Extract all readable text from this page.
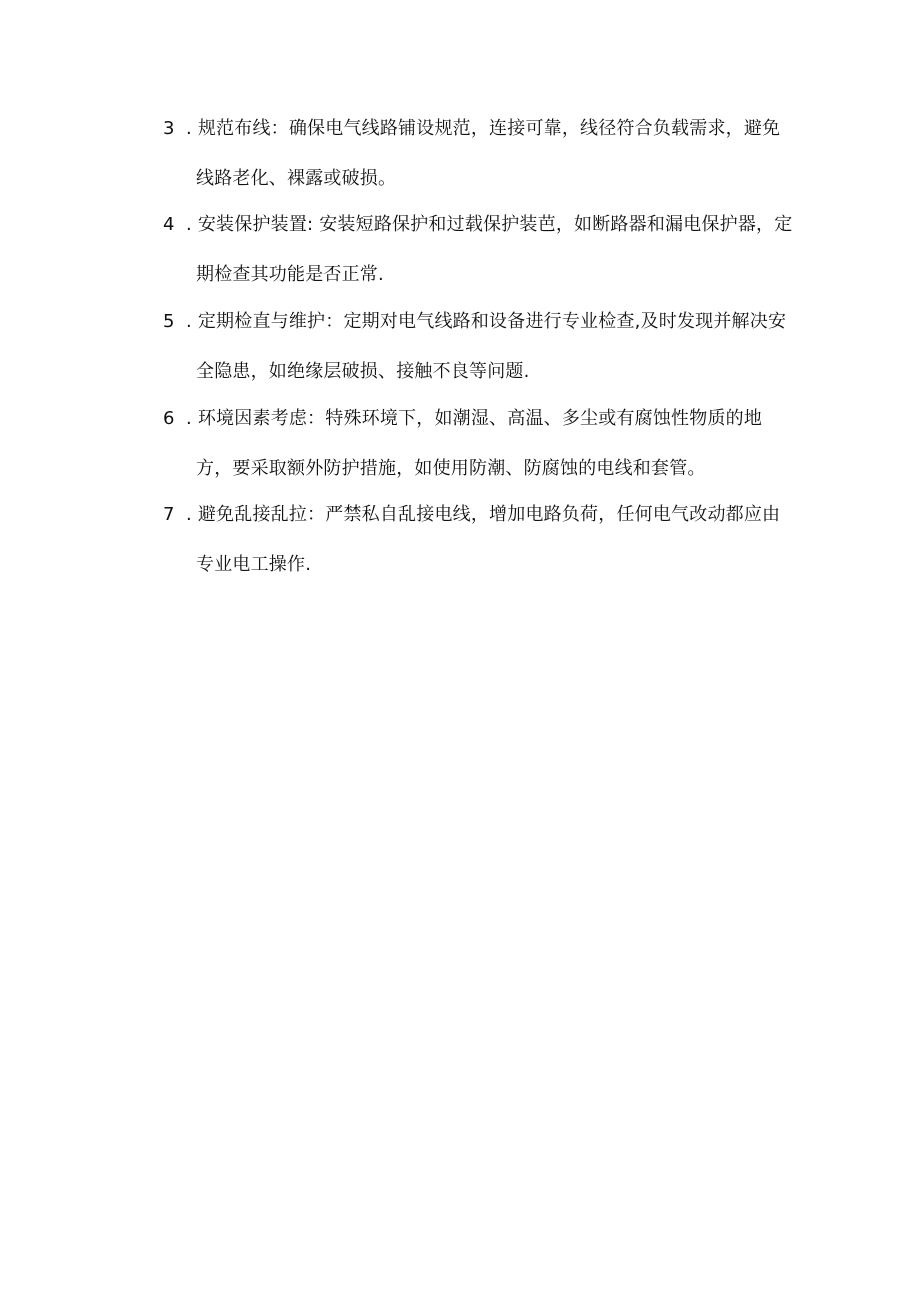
3 . 规范布线：确保电气线路铺设规范，连接可靠，线径符合负载需求，避免
线路老化、裸露或破损。
4 . 安装保护装置: 安装短路保护和过载保护装芭，如断路器和漏电保护器，定
期检查其功能是否正常.
5 . 定期检直与维护：定期对电气线路和设备进行专业检查,及时发现并解决安
全隐患，如绝缘层破损、接触不良等问题.
6 . 环境因素考虑：特殊环境下，如潮湿、高温、多尘或有腐蚀性物质的地
方，要采取额外防护措施，如使用防潮、防腐蚀的电线和套管。
7 . 避免乱接乱拉：严禁私自乱接电线，增加电路负荷，任何电气改动都应由
专业电工操作.
